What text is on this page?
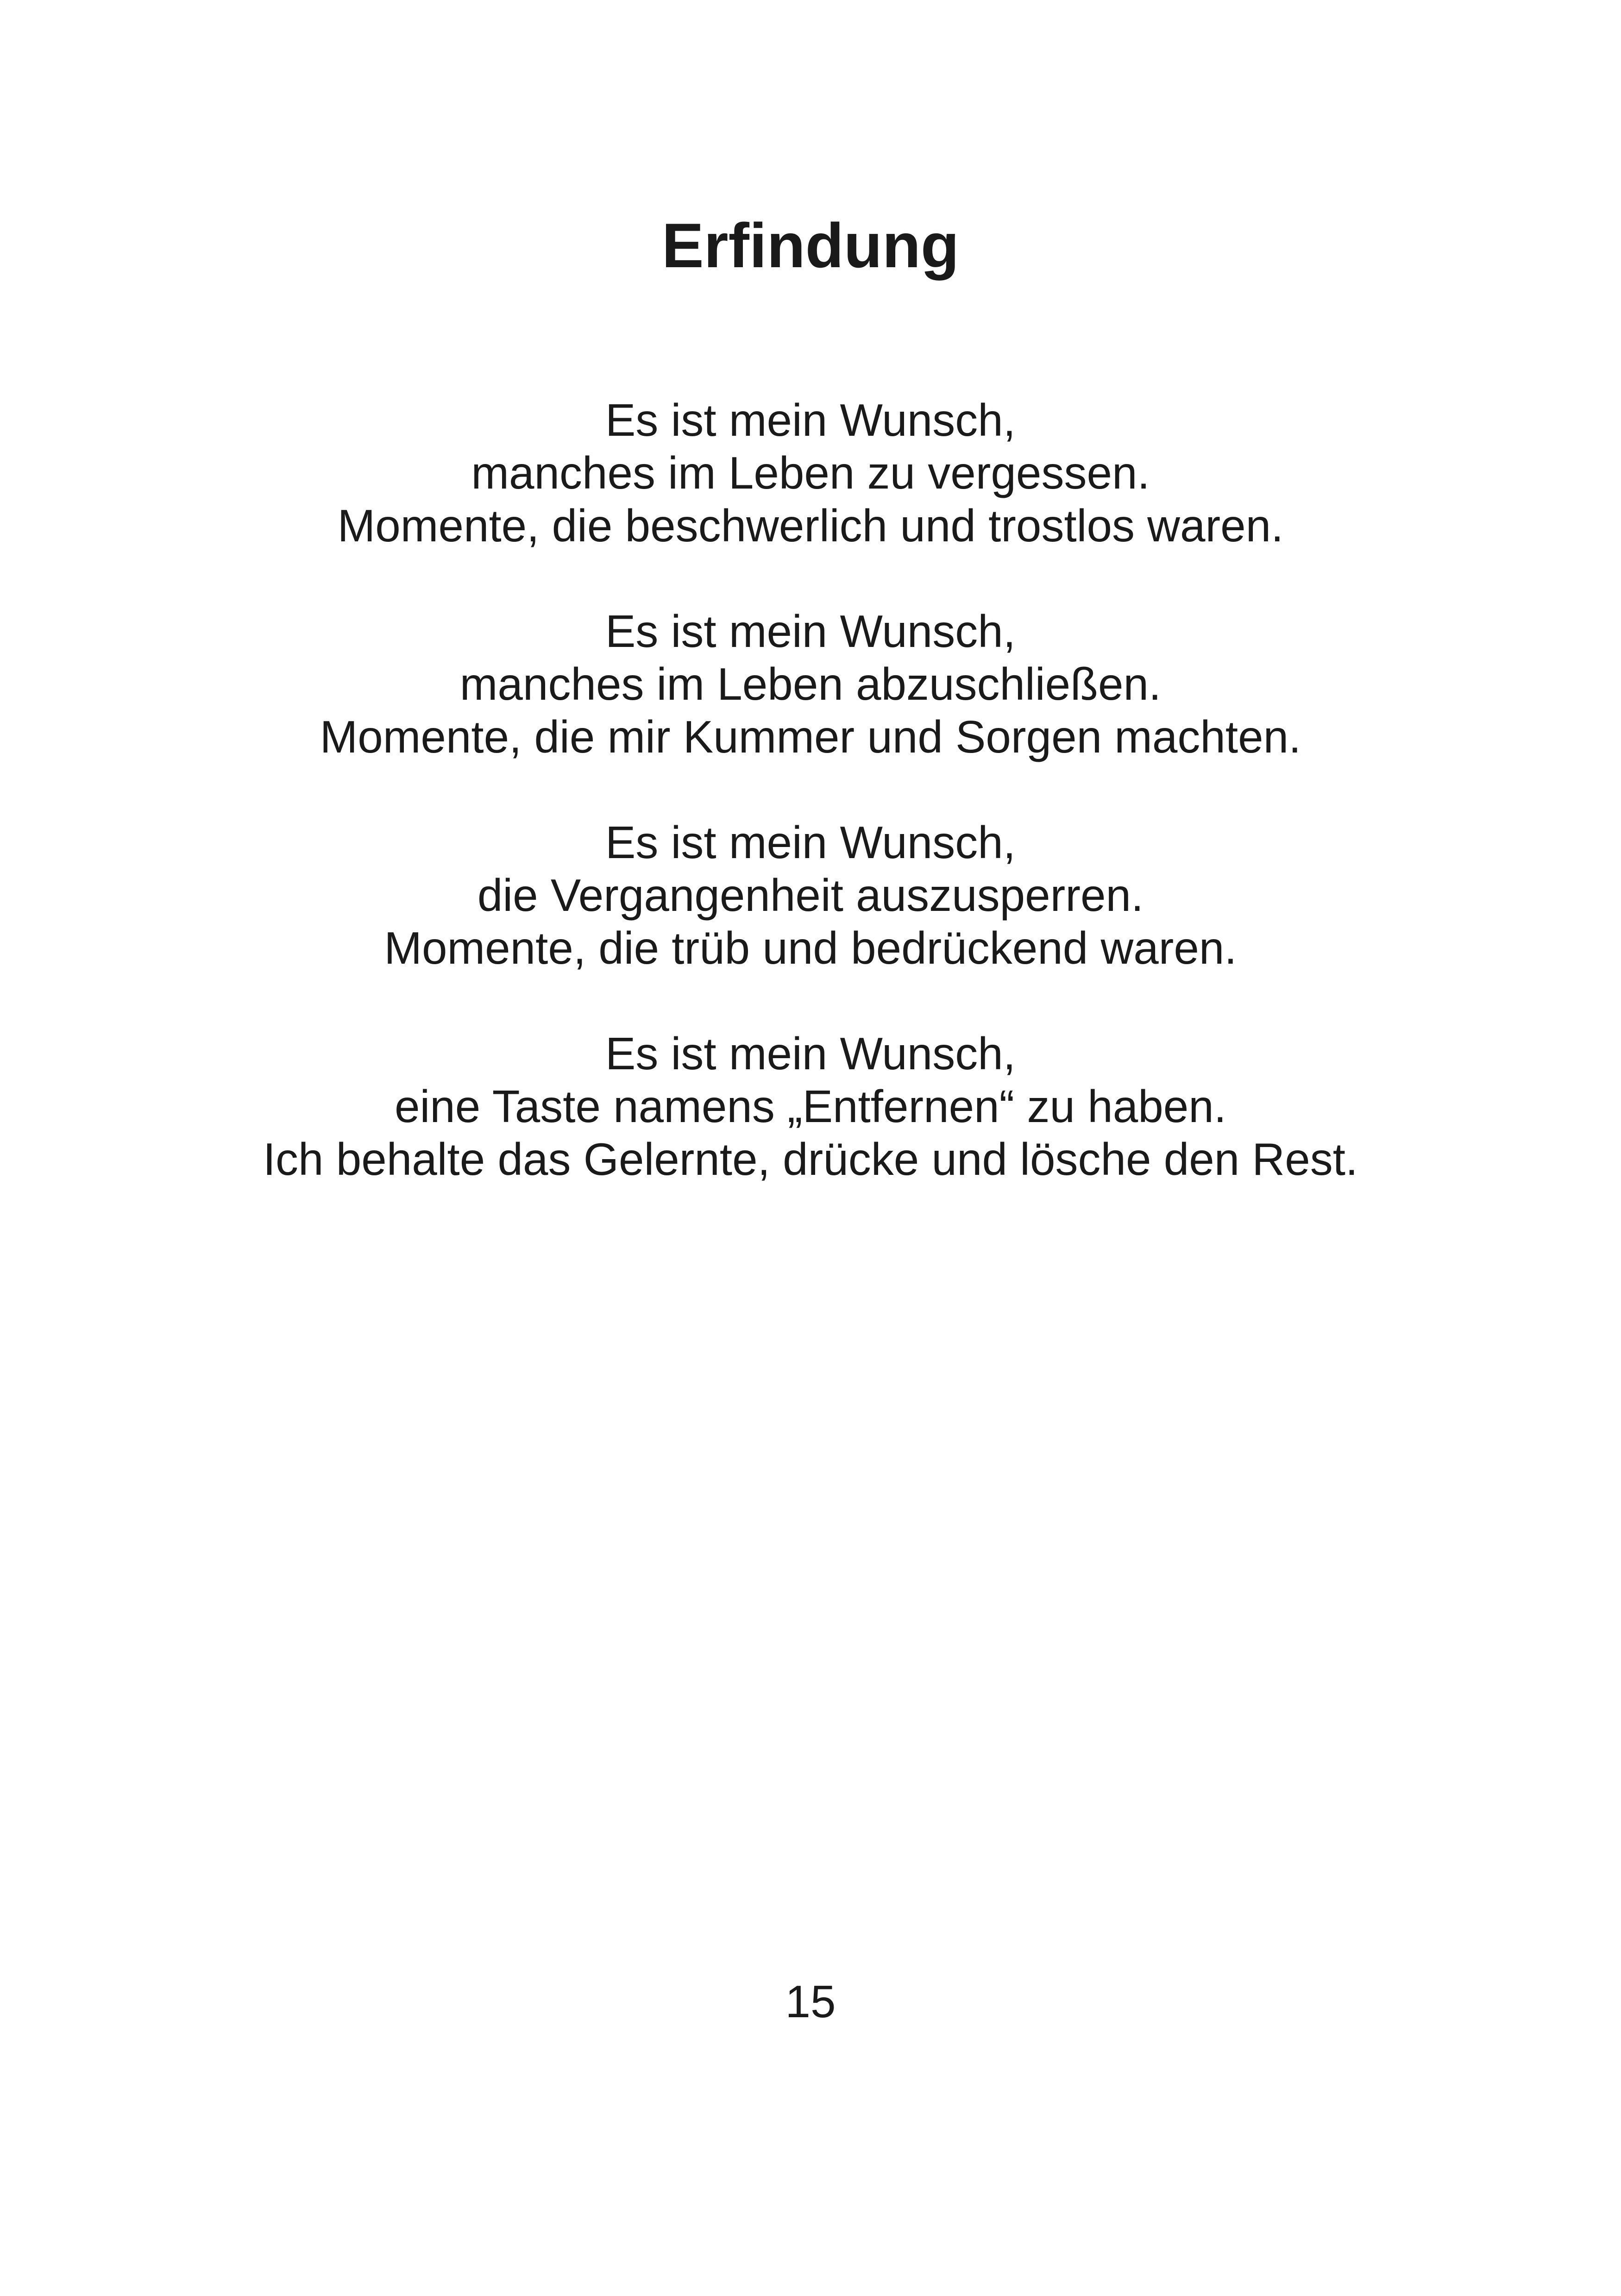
Erfindung
Es ist mein Wunsch,
manches im Leben zu vergessen.
Momente, die beschwerlich und trostlos waren.
Es ist mein Wunsch,
manches im Leben abzuschließen.
Momente, die mir Kummer und Sorgen machten.
Es ist mein Wunsch,
die Vergangenheit auszusperren.
Momente, die trüb und bedrückend waren.
Es ist mein Wunsch,
eine Taste namens „Entfernen“ zu haben.
Ich behalte das Gelernte, drücke und lösche den Rest.
15
